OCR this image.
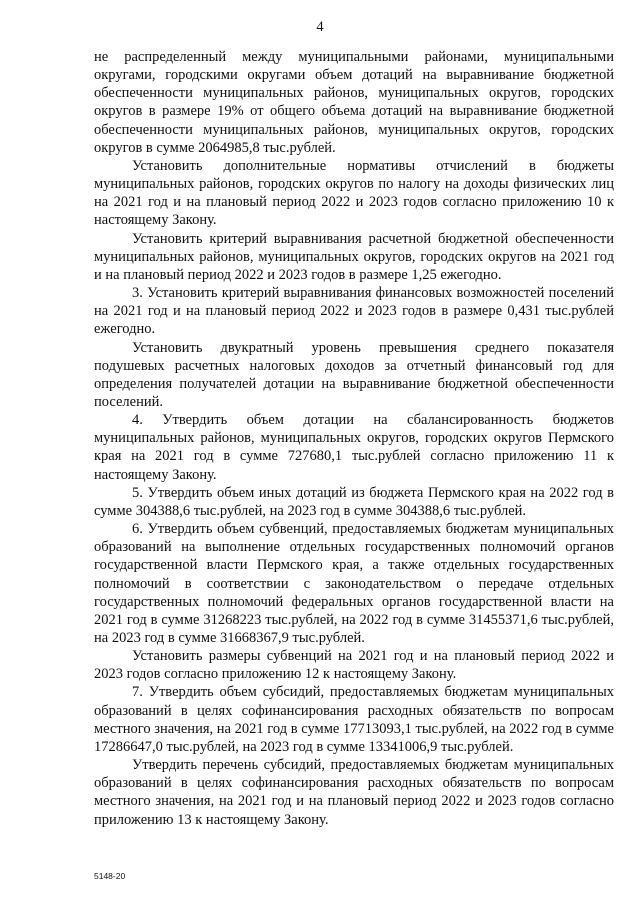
4

не распределенный между муниципальными районами, муниципальными округами, городскими округами объем дотаций на выравнивание бюджетной обеспеченности муниципальных районов, муниципальных округов, городских округов в размере 19% от общего объема дотаций на выравнивание бюджетной обеспеченности муниципальных районов, муниципальных округов, городских округов в сумме 2064985,8 тыс.рублей.

Установить дополнительные нормативы отчислений в бюджеты муниципальных районов, городских округов по налогу на доходы физических лиц на 2021 год и на плановый период 2022 и 2023 годов согласно приложению 10 к настоящему Закону.

Установить критерий выравнивания расчетной бюджетной обеспеченности муниципальных районов, муниципальных округов, городских округов на 2021 год и на плановый период 2022 и 2023 годов в размере 1,25 ежегодно.

3. Установить критерий выравнивания финансовых возможностей поселений на 2021 год и на плановый период 2022 и 2023 годов в размере 0,431 тыс.рублей ежегодно.

Установить двукратный уровень превышения среднего показателя подушевых расчетных налоговых доходов за отчетный финансовый год для определения получателей дотации на выравнивание бюджетной обеспеченности поселений.

4. Утвердить объем дотации на сбалансированность бюджетов муниципальных районов, муниципальных округов, городских округов Пермского края на 2021 год в сумме 727680,1 тыс.рублей согласно приложению 11 к настоящему Закону.

5. Утвердить объем иных дотаций из бюджета Пермского края на 2022 год в сумме 304388,6 тыс.рублей, на 2023 год в сумме 304388,6 тыс.рублей.

6. Утвердить объем субвенций, предоставляемых бюджетам муниципальных образований на выполнение отдельных государственных полномочий органов государственной власти Пермского края, а также отдельных государственных полномочий в соответствии с законодательством о передаче отдельных государственных полномочий федеральных органов государственной власти на 2021 год в сумме 31268223 тыс.рублей, на 2022 год в сумме 31455371,6 тыс.рублей, на 2023 год в сумме 31668367,9 тыс.рублей.

Установить размеры субвенций на 2021 год и на плановый период 2022 и 2023 годов согласно приложению 12 к настоящему Закону.

7. Утвердить объем субсидий, предоставляемых бюджетам муниципальных образований в целях софинансирования расходных обязательств по вопросам местного значения, на 2021 год в сумме 17713093,1 тыс.рублей, на 2022 год в сумме 17286647,0 тыс.рублей, на 2023 год в сумме 13341006,9 тыс.рублей.

Утвердить перечень субсидий, предоставляемых бюджетам муниципальных образований в целях софинансирования расходных обязательств по вопросам местного значения, на 2021 год и на плановый период 2022 и 2023 годов согласно приложению 13 к настоящему Закону.

5148-20
